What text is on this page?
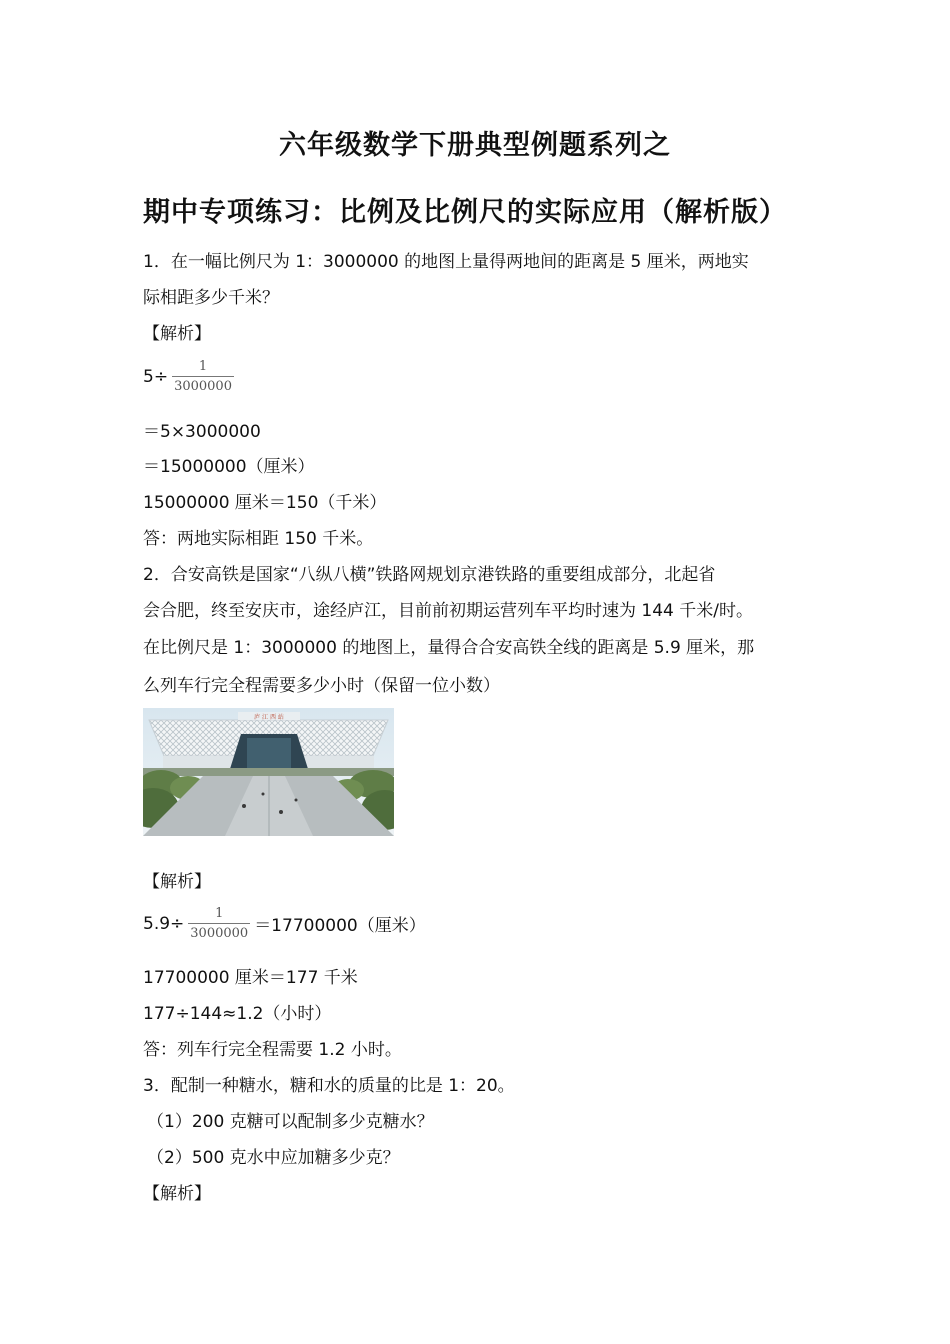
六年级数学下册典型例题系列之
期中专项练习：比例及比例尺的实际应用（解析版）
1．在一幅比例尺为 1：3000000 的地图上量得两地间的距离是 5 厘米，两地实
际相距多少千米？
【解析】
$5\div \frac{1}{3000000}$
＝5×3000000
＝15000000（厘米）
15000000 厘米＝150（千米）
答：两地实际相距 150 千米。
2．合安高铁是国家“八纵八横”铁路网规划京港铁路的重要组成部分，北起省
会合肥，终至安庆市，途经庐江，目前前初期运营列车平均时速为 144 千米/时。
在比例尺是 1：3000000 的地图上，量得合合安高铁全线的距离是 5.9 厘米，那
么列车行完全程需要多少小时（保留一位小数）
庐 江 西 站
【解析】
$5.9\div \frac{1}{3000000} =17700000$（厘米）
17700000 厘米＝177 千米
177÷144≈1.2（小时）
答：列车行完全程需要 1.2 小时。
3．配制一种糖水，糖和水的质量的比是 1：20。
（1）200 克糖可以配制多少克糖水？
（2）500 克水中应加糖多少克？
【解析】
